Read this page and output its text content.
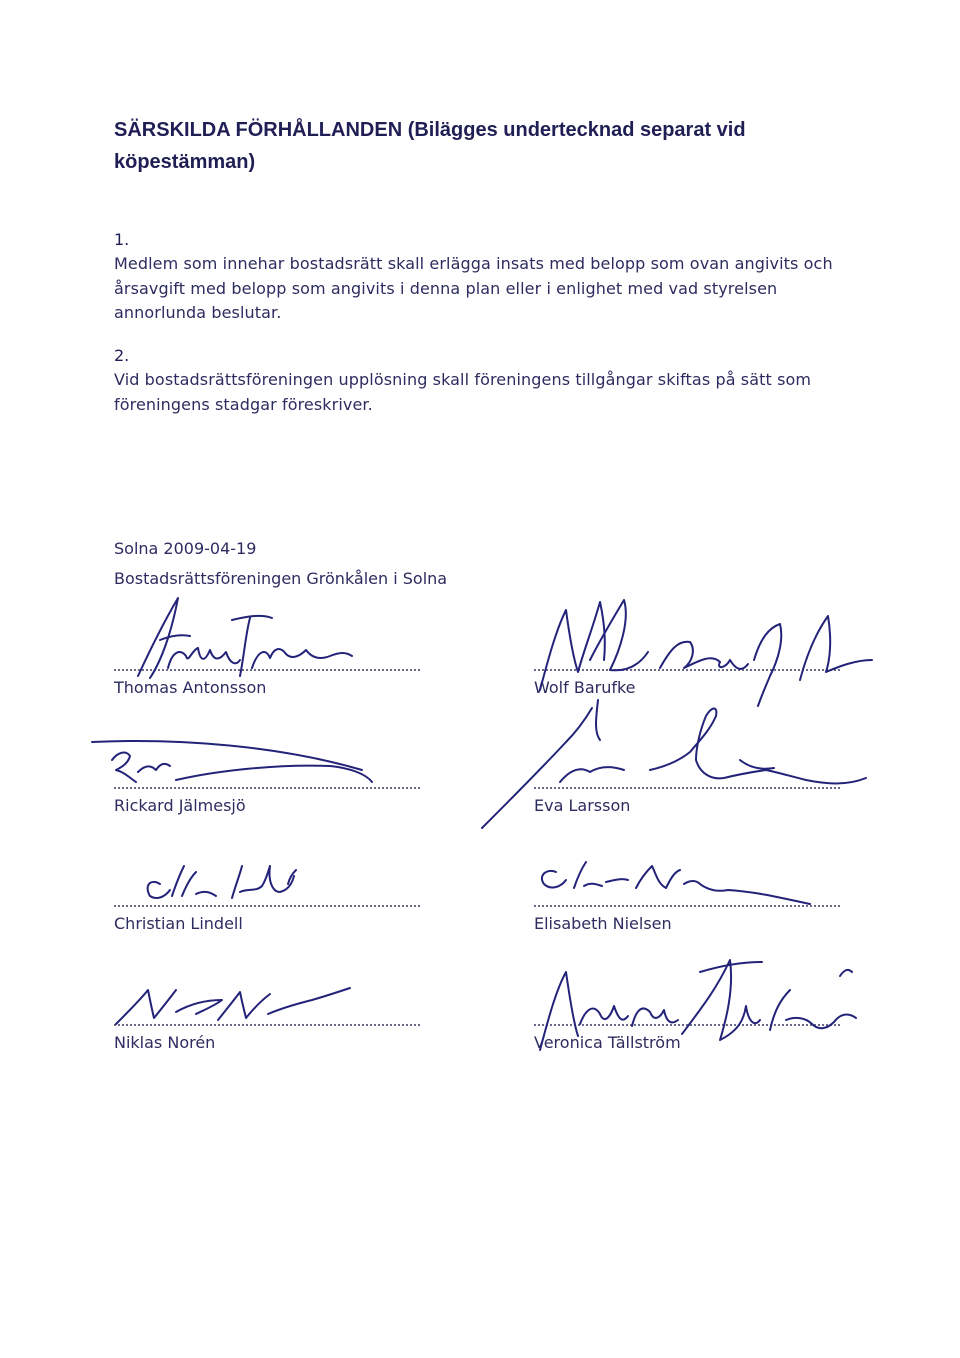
SÄRSKILDA FÖRHÅLLANDEN (Bilägges undertecknad separat vid köpestämman)

1.

Medlem som innehar bostadsrätt skall erlägga insats med belopp som ovan angivits och årsavgift med belopp som angivits i denna plan eller i enlighet med vad styrelsen annorlunda beslutar.

2.

Vid bostadsrättsföreningen upplösning skall föreningens tillgångar skiftas på sätt som föreningens stadgar föreskriver.

Solna 2009-04-19
Bostadsrättsföreningen Grönkålen i Solna
Thomas Antonsson	Wolf Barufke
Rickard Jälmesjö	Eva Larsson
Christian Lindell	Elisabeth Nielsen
Niklas Norén	Veronica Tällström
